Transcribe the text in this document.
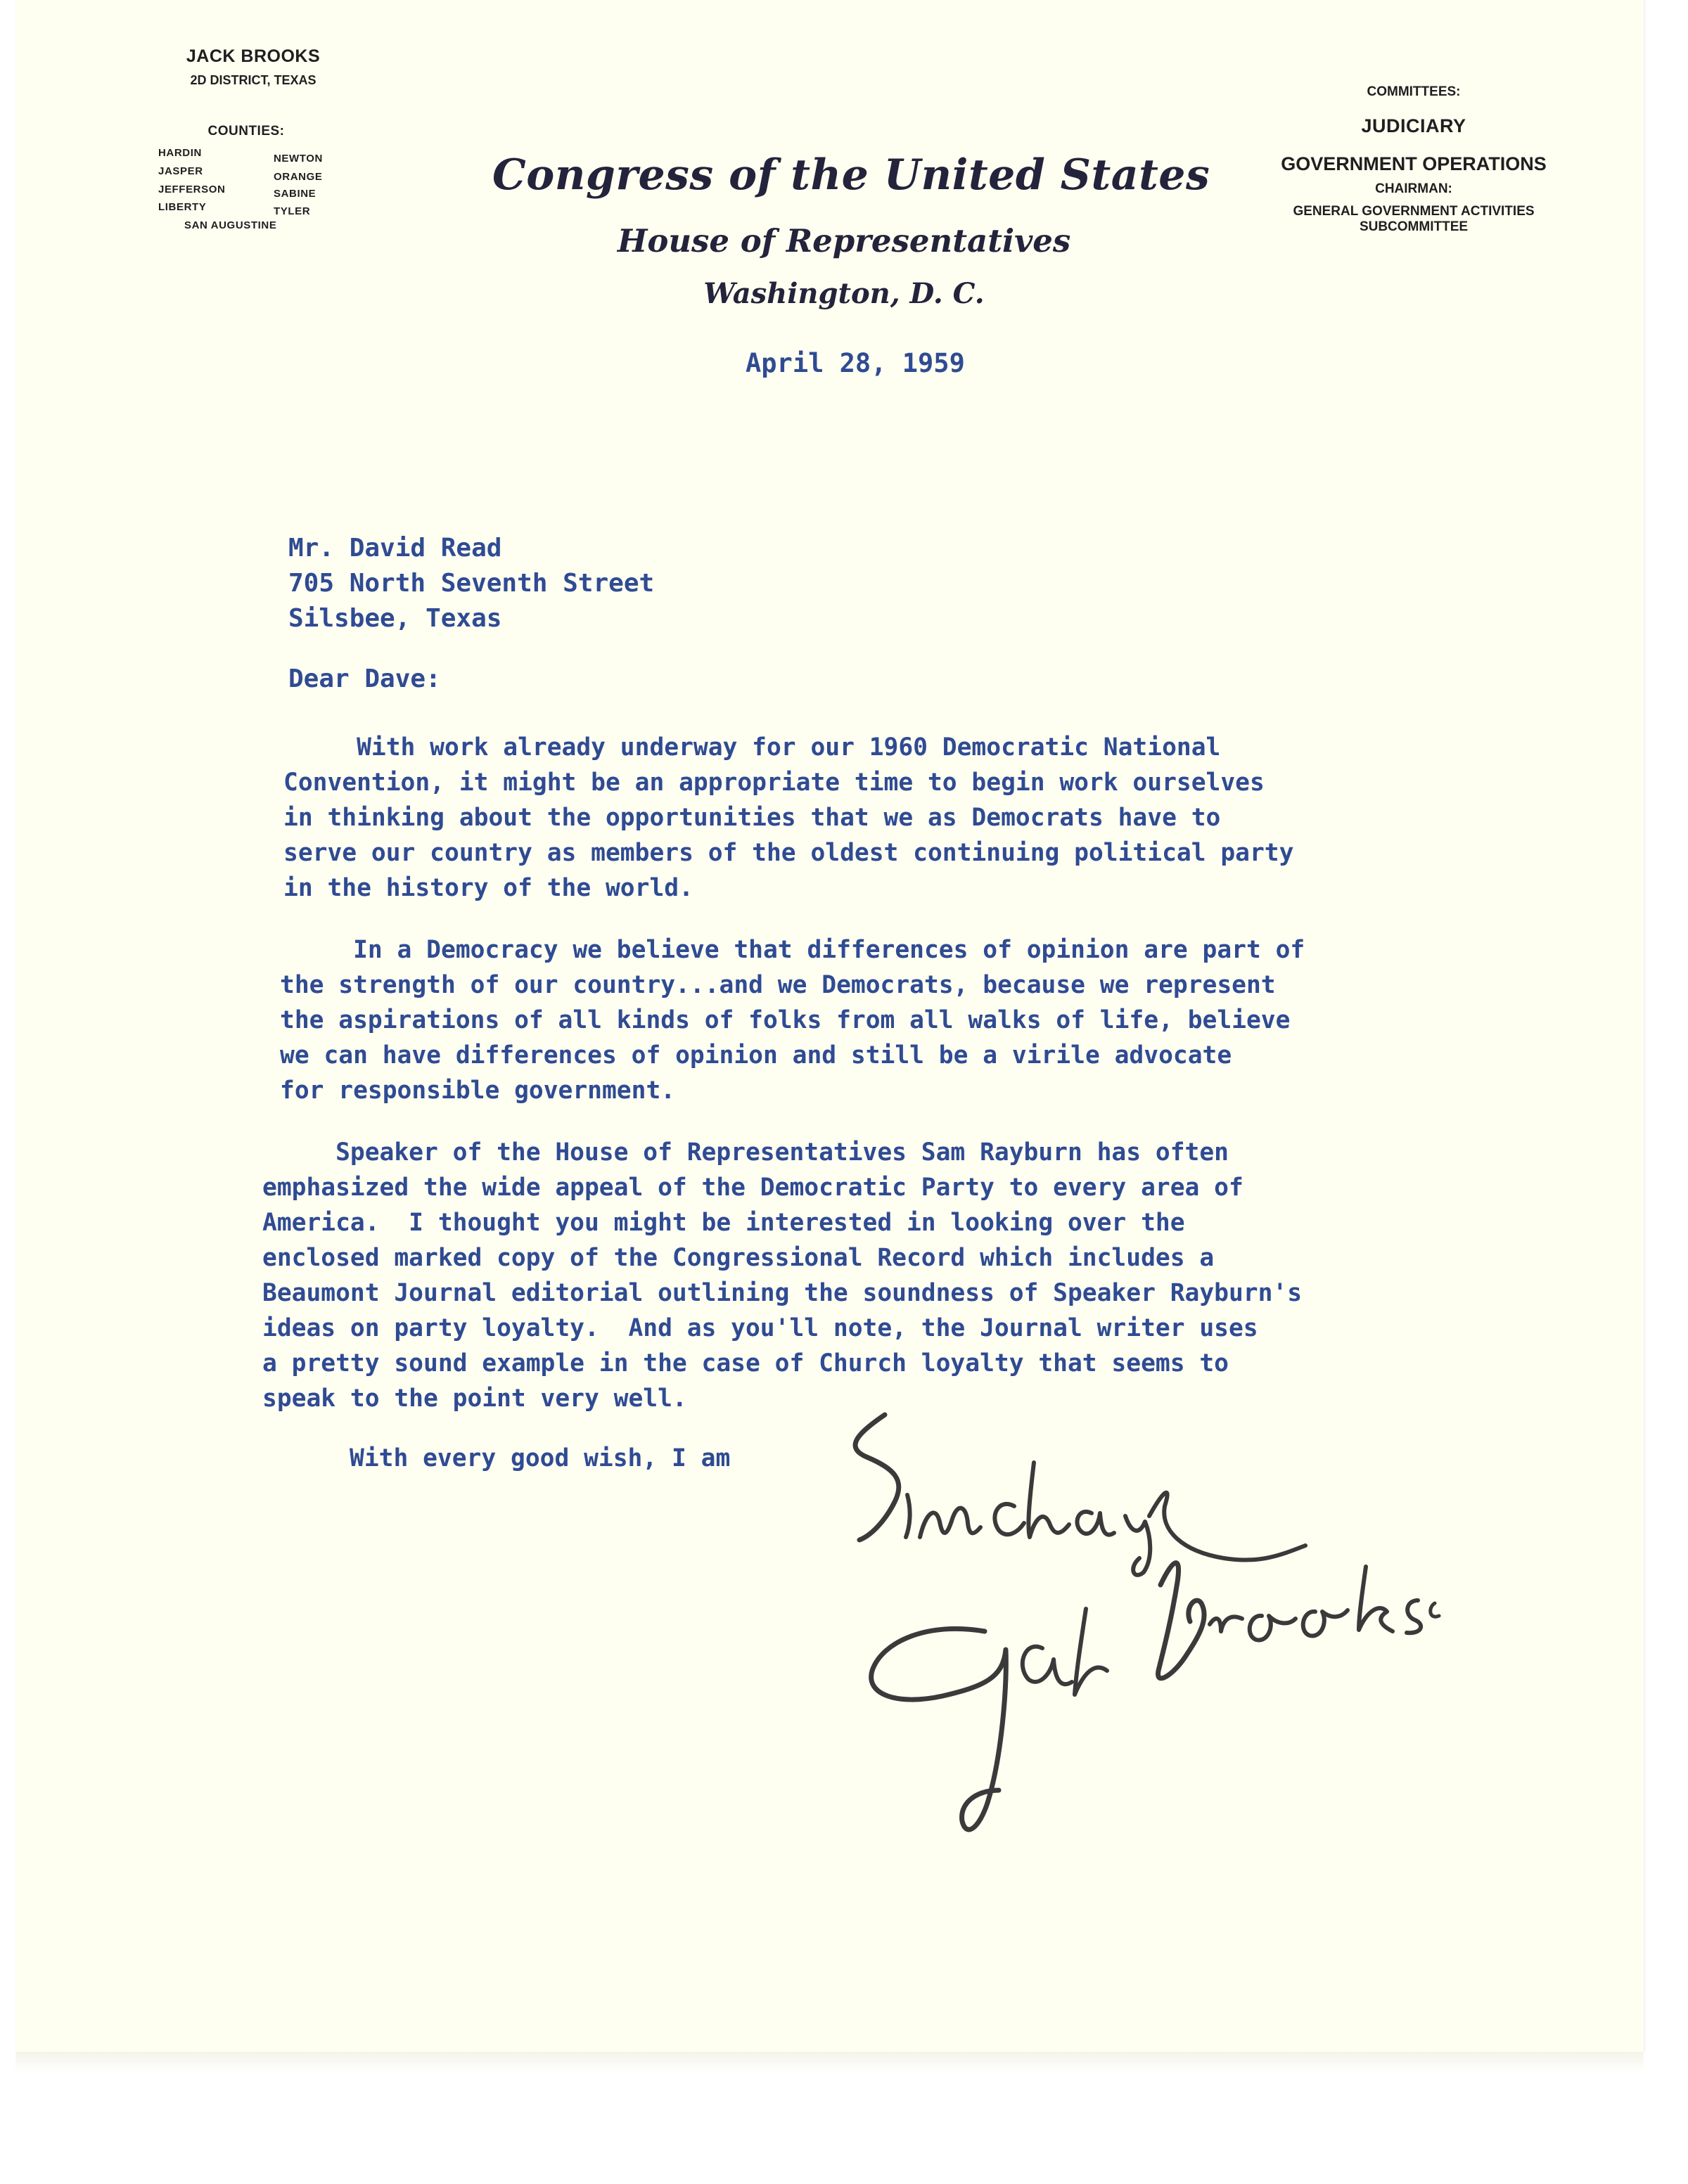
JACK BROOKS
2D DISTRICT, TEXAS
COUNTIES:
HARDIN
JASPER
JEFFERSON
LIBERTY
NEWTON
ORANGE
SABINE
TYLER
SAN AUGUSTINE
Congress of the United States
House of Representatives
Washington, D. C.
COMMITTEES:
JUDICIARY
GOVERNMENT OPERATIONS
CHAIRMAN:
GENERAL GOVERNMENT ACTIVITIES
SUBCOMMITTEE
April 28, 1959
Mr. David Read
705 North Seventh Street
Silsbee, Texas
Dear Dave:
With work already underway for our 1960 Democratic National
Convention, it might be an appropriate time to begin work ourselves
in thinking about the opportunities that we as Democrats have to
serve our country as members of the oldest continuing political party
in the history of the world.
In a Democracy we believe that differences of opinion are part of
the strength of our country...and we Democrats, because we represent
the aspirations of all kinds of folks from all walks of life, believe
we can have differences of opinion and still be a virile advocate
for responsible government.
Speaker of the House of Representatives Sam Rayburn has often
emphasized the wide appeal of the Democratic Party to every area of
America.  I thought you might be interested in looking over the
enclosed marked copy of the Congressional Record which includes a
Beaumont Journal editorial outlining the soundness of Speaker Rayburn's
ideas on party loyalty.  And as you'll note, the Journal writer uses
a pretty sound example in the case of Church loyalty that seems to
speak to the point very well.
With every good wish, I am
